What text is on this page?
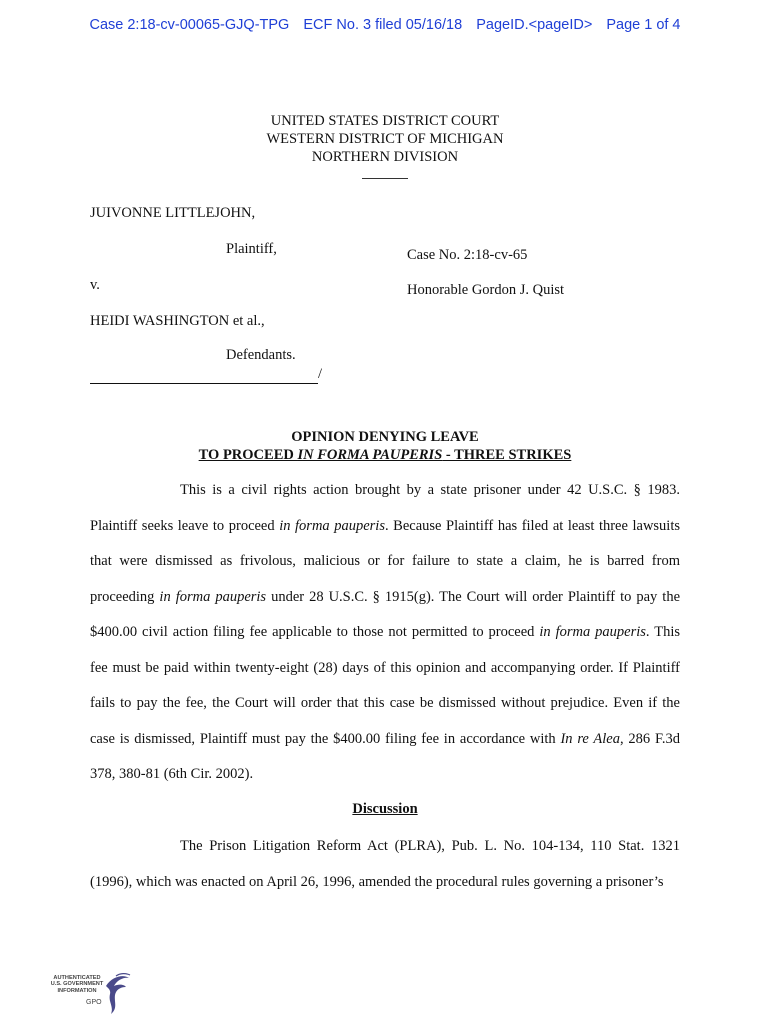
Case 2:18-cv-00065-GJQ-TPG ECF No. 3 filed 05/16/18 PageID.<pageID> Page 1 of 4
UNITED STATES DISTRICT COURT
WESTERN DISTRICT OF MICHIGAN
NORTHERN DIVISION
JUIVONNE LITTLEJOHN,
Plaintiff,	Case No. 2:18-cv-65
v.	Honorable Gordon J. Quist
HEIDI WASHINGTON et al.,
Defendants.
/
OPINION DENYING LEAVE
TO PROCEED IN FORMA PAUPERIS - THREE STRIKES

This is a civil rights action brought by a state prisoner under 42 U.S.C. § 1983. Plaintiff seeks leave to proceed in forma pauperis. Because Plaintiff has filed at least three lawsuits that were dismissed as frivolous, malicious or for failure to state a claim, he is barred from proceeding in forma pauperis under 28 U.S.C. § 1915(g). The Court will order Plaintiff to pay the $400.00 civil action filing fee applicable to those not permitted to proceed in forma pauperis. This fee must be paid within twenty-eight (28) days of this opinion and accompanying order. If Plaintiff fails to pay the fee, the Court will order that this case be dismissed without prejudice. Even if the case is dismissed, Plaintiff must pay the $400.00 filing fee in accordance with In re Alea, 286 F.3d 378, 380-81 (6th Cir. 2002).

Discussion

The Prison Litigation Reform Act (PLRA), Pub. L. No. 104-134, 110 Stat. 1321 (1996), which was enacted on April 26, 1996, amended the procedural rules governing a prisoner’s

AUTHENTICATED
U.S. GOVERNMENT
INFORMATION
GPO
